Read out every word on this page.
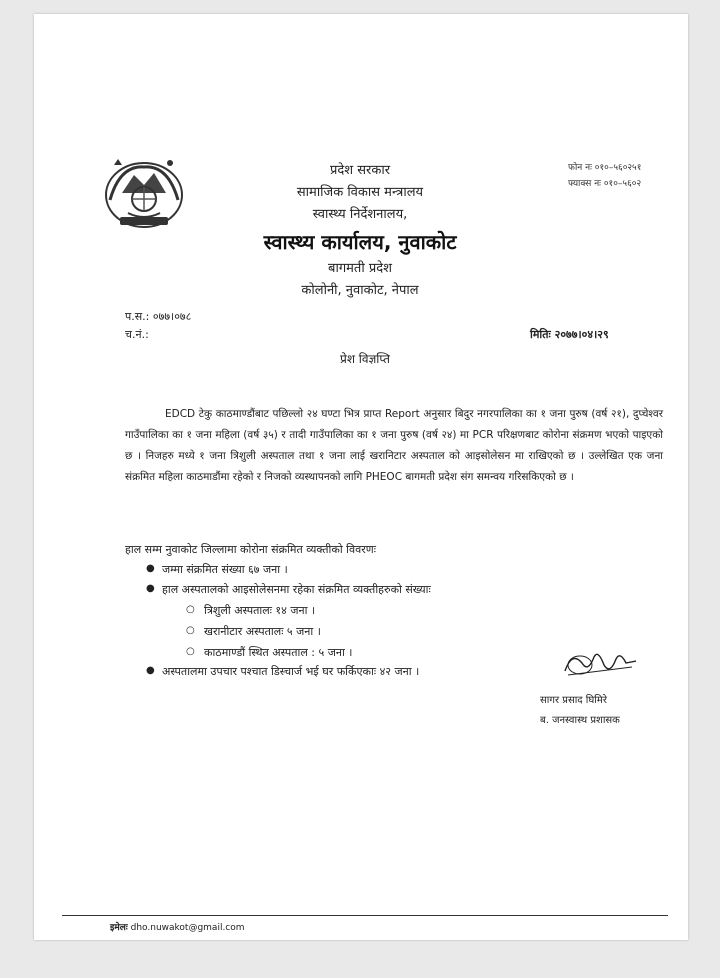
प्रदेश सरकार
सामाजिक विकास मन्त्रालय
स्वास्थ्य निर्देशनालय,
स्वास्थ्य कार्यालय, नुवाकोट
बागमती प्रदेश
कोलोनी, नुवाकोट, नेपाल
फोन नः ०१०–५६०२५१
फ्याक्स नः ०१०–५६०२
प.स.: ०७७।०७८
च.नं.:	मितिः २०७७।०४।२९
प्रेश विज्ञप्ति
EDCD टेकु काठमाण्डौंबाट पछिल्लो २४ घण्टा भित्र प्राप्त Report अनुसार बिदुर नगरपालिका का १ जना पुरुष (वर्ष २१), दुप्चेश्वर गाउँपालिका का १ जना महिला (वर्ष ३५) र तादी गाउँपालिका का १ जना पुरुष (वर्ष २४) मा PCR परिक्षणबाट कोरोना संक्रमण भएको पाइएको छ । निजहरु मध्ये १ जना त्रिशुली अस्पताल तथा १ जना लाई खरानिटार अस्पताल को आइसोलेसन मा राखिएको छ । उल्लेखित एक जना संक्रमित महिला काठमाडौंमा रहेको र निजको व्यस्थापनको लागि PHEOC बागमती प्रदेश संग समन्वय गरिसकिएको छ ।
हाल सम्म नुवाकोट जिल्लामा कोरोना संक्रमित व्यक्तीको विवरणः
● जम्मा संक्रमित संख्या ६७ जना ।
● हाल अस्पतालको आइसोलेसनमा रहेका संक्रमित व्यक्तीहरुको संख्याः
○ त्रिशुली अस्पतालः १४ जना ।
○ खरानीटार अस्पतालः ५ जना ।
○ काठमाण्डौं स्थित अस्पताल : ५ जना ।
● अस्पतालमा उपचार पश्चात डिस्चार्ज भई घर फर्किएकाः ४२ जना ।
सागर प्रसाद घिमिरे
ब. जनस्वास्थ प्रशासक
इमेलः dho.nuwakot@gmail.com
